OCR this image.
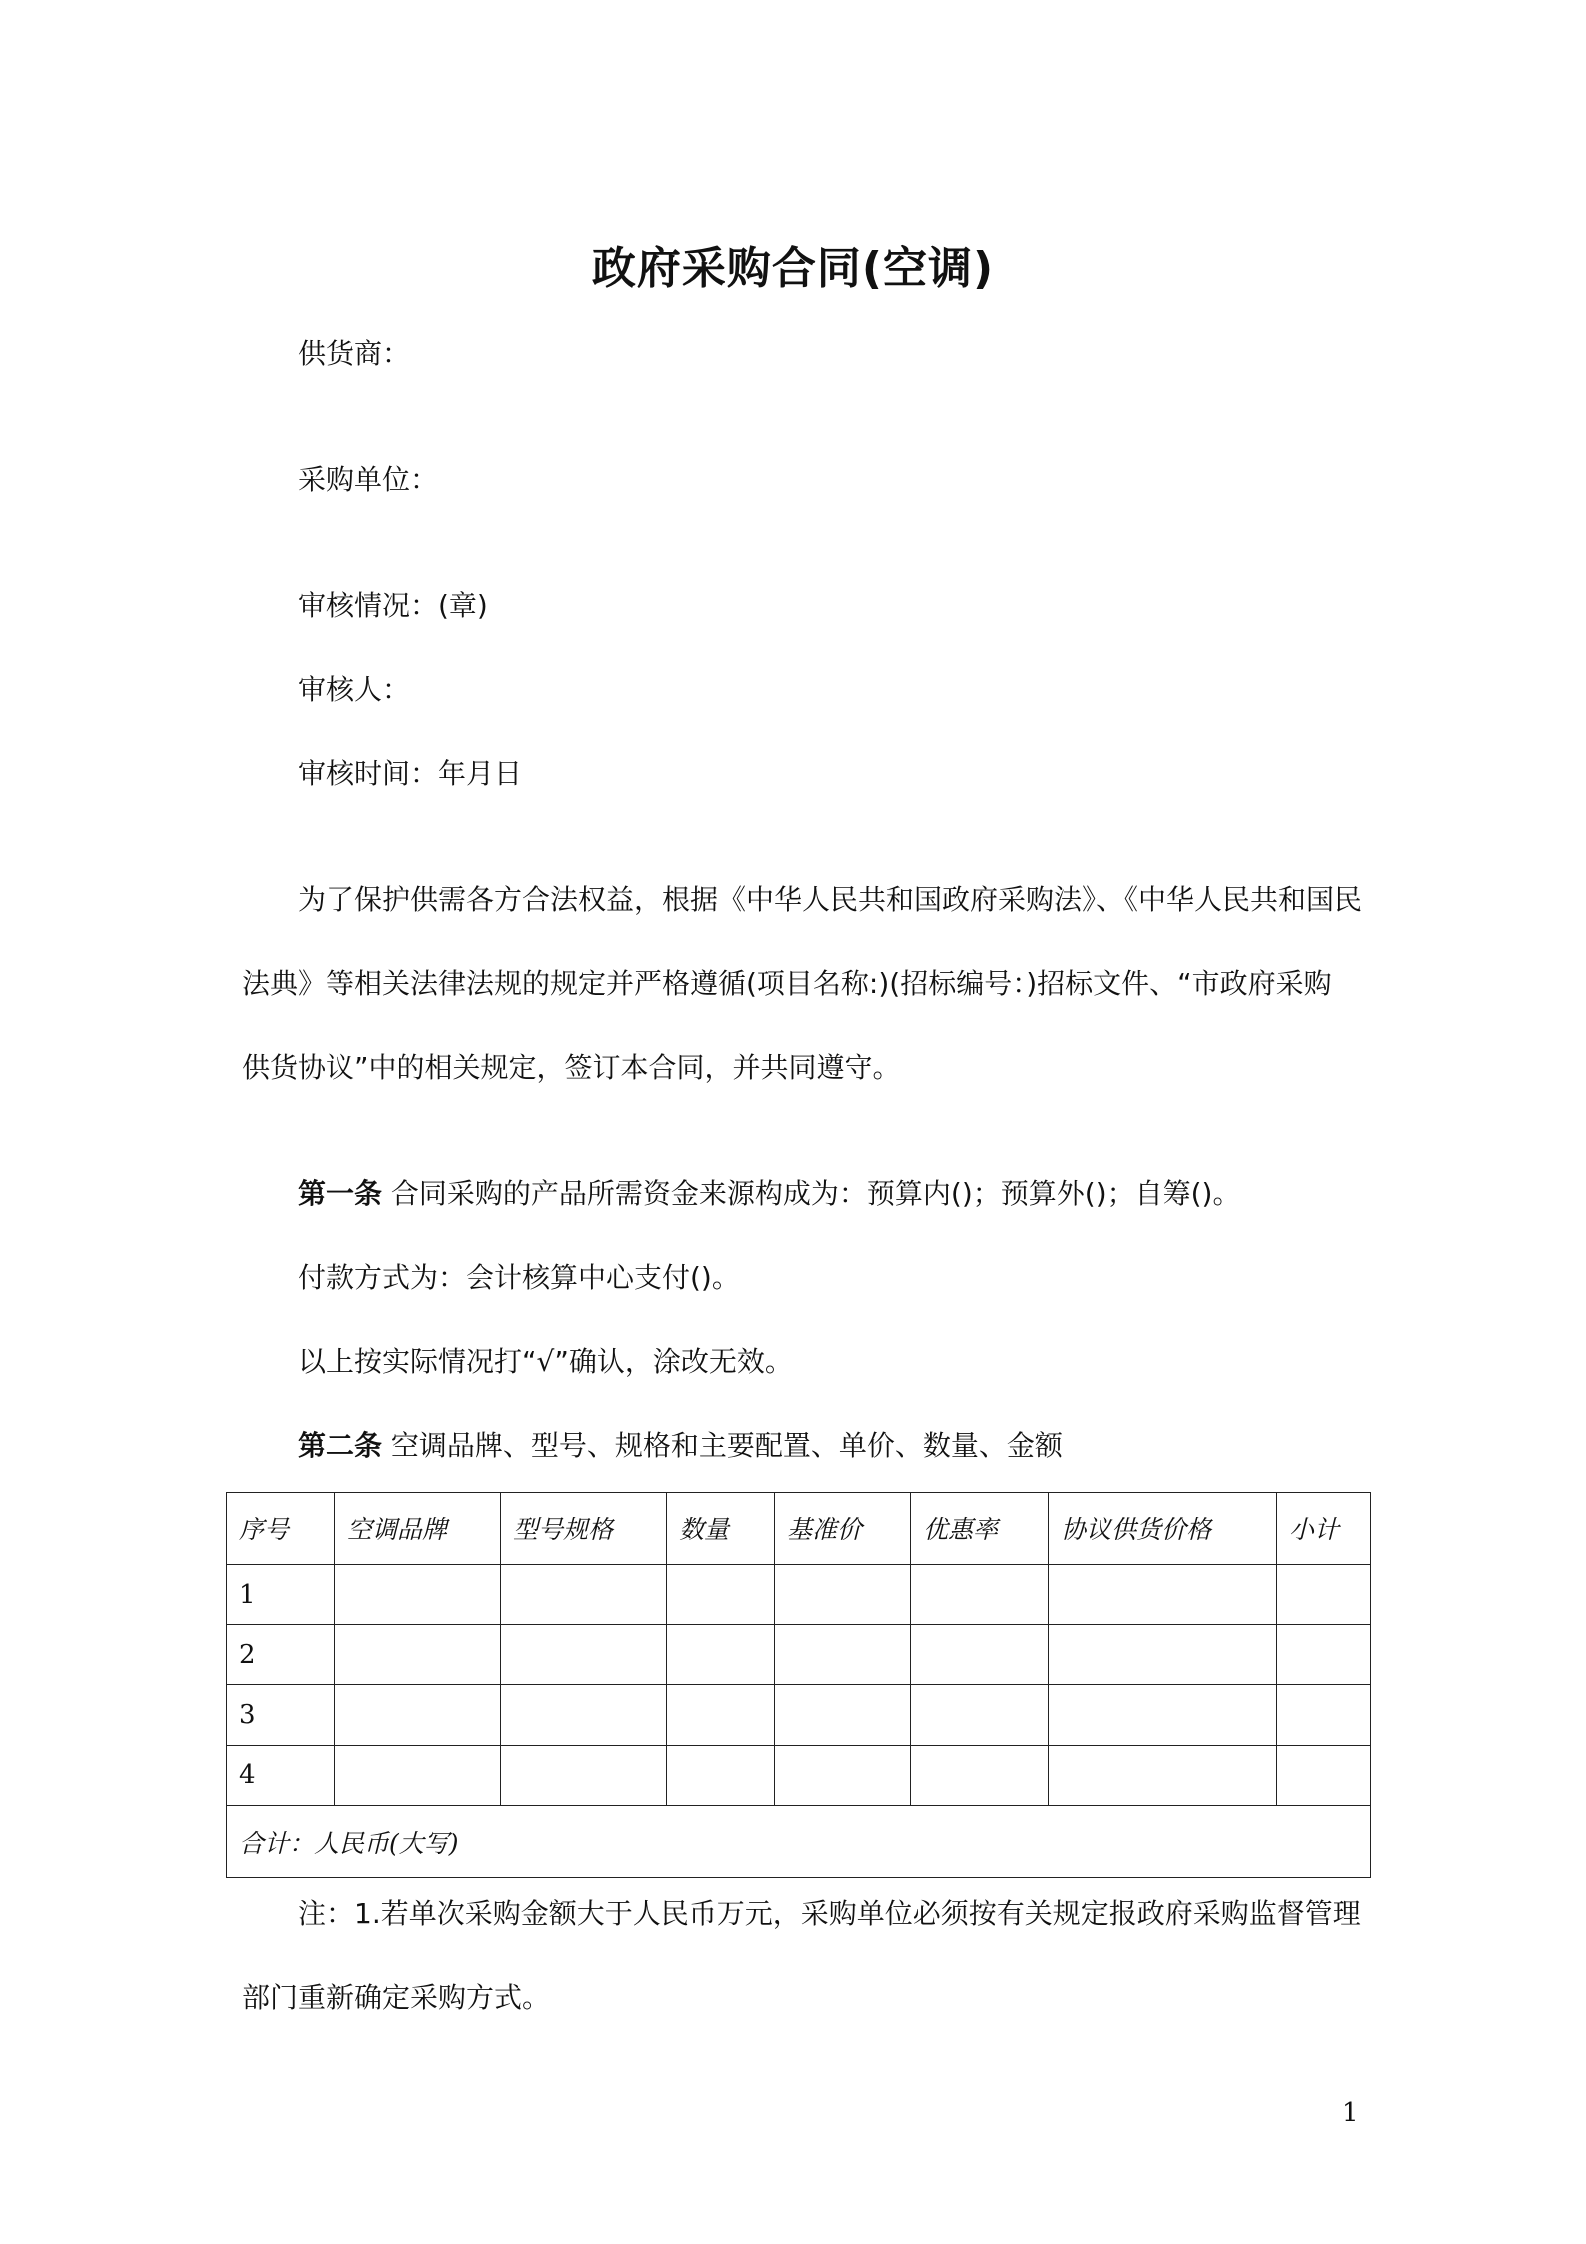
政府采购合同(空调)
供货商：
采购单位：
审核情况：(章)
审核人：
审核时间：年月日
为了保护供需各方合法权益，根据《中华人民共和国政府采购法》、《中华人民共和国民
法典》等相关法律法规的规定并严格遵循(项目名称:)(招标编号：)招标文件、“市政府采购
供货协议”中的相关规定，签订本合同，并共同遵守。
第一条 合同采购的产品所需资金来源构成为：预算内()；预算外()；自筹()。
付款方式为：会计核算中心支付()。
以上按实际情况打“√”确认，涂改无效。
第二条 空调品牌、型号、规格和主要配置、单价、数量、金额
序号	空调品牌	型号规格	数量	基准价	优惠率	协议供货价格	小计
1							
2							
3							
4							
合计：人民币(大写)							
注：1.若单次采购金额大于人民币万元，采购单位必须按有关规定报政府采购监督管理
部门重新确定采购方式。
1
